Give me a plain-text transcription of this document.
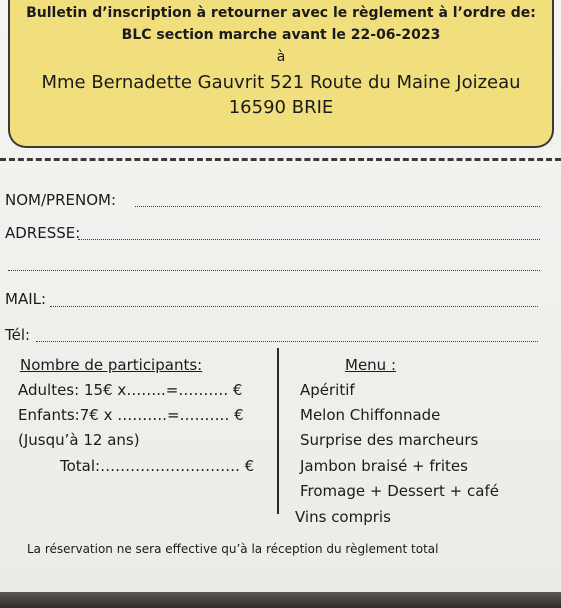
Bulletin d’inscription à retourner avec le règlement à l’ordre de:
BLC section marche avant le 22-06-2023
à
Mme Bernadette Gauvrit 521 Route du Maine Joizeau
16590 BRIE
NOM/PRENOM:
ADRESSE:
MAIL:
Tél:
Nombre de participants:
Adultes: 15€ x……..=………. €
Enfants:7€ x ……….=………. €
(Jusqu’à 12 ans)
Total:………………………. €
Menu :
Apéritif
Melon Chiffonnade
Surprise des marcheurs
Jambon braisé + frites
Fromage + Dessert + café
Vins compris
La réservation ne sera effective qu’à la réception du règlement total
